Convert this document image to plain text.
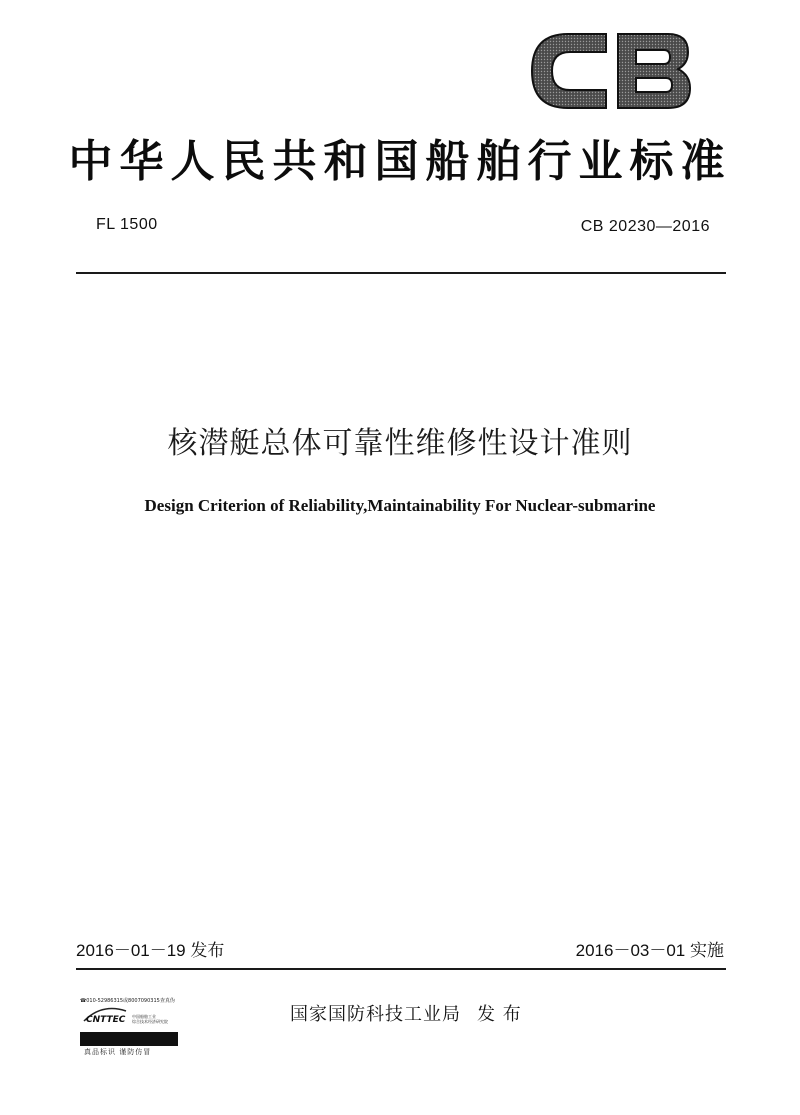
中华人民共和国船舶行业标准
FL 1500	CB 20230—2016
核潜艇总体可靠性维修性设计准则
Design Criterion of Reliability,Maintainability For Nuclear-submarine
2016－01－19 发布	2016－03－01 实施
国家国防科技工业局 发 布
☎010-52986315或8007090315查真伪
CNTTEC 中国船舶工业
综合技术经济研究院
真品标识 谨防仿冒
